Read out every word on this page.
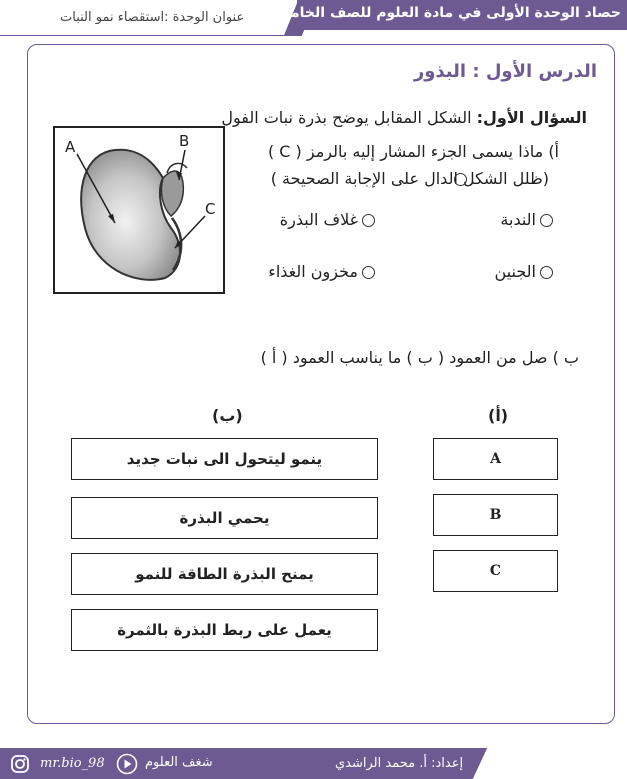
حصاد الوحدة الأولى في مادة العلوم للصف الخامس
عنوان الوحدة :استقصاء نمو النبات
الدرس الأول : البذور
السؤال الأول: الشكل المقابل يوضح بذرة نبات الفول
أ) ماذا يسمى الجزء المشار إليه بالرمز ( C )
(ظلل الشكل الدال على الإجابة الصحيحة )
الندبة
غلاف البذرة
الجنين
مخزون الغذاء
A	B
C
ب ) صل من العمود ( ب ) ما يناسب العمود ( أ )
(ب)	(أ)
ينمو ليتحول الى نبات جديد
يحمي البذرة
يمنح البذرة الطاقة للنمو
يعمل على ربط البذرة بالثمرة
A
B
C
mr.bio_98	شغف العلوم	إعداد: أ. محمد الراشدي
